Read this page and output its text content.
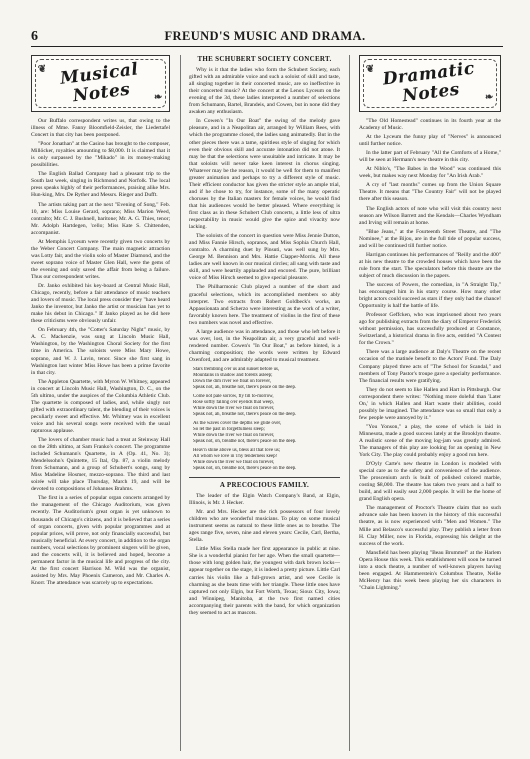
6	FREUND'S MUSIC AND DRAMA.
❦
❧
Musical Notes

Our Buffalo correspondent writes us, that owing to the illness of Mme. Fanny Bloomfield-Zeisler, the Liedertafel Concert in that city has been postponed.

"Poor Jonathan" at the Casino has brought to the composer, Millöcker, royalties amounting to $8,000. It is claimed that it is only surpassed by the "Mikado" in its money-making possibilities.

The English Ballad Company had a pleasant trip to the South last week, singing in Richmond and Norfolk. The local press speaks highly of their performances, praising alike Mrs. Hun-king, Mrs. De Ryther and Messrs. Rieger and Dufft.

The artists taking part at the next "Evening of Song," Feb. 10, are: Miss Louise Gerard, soprano; Miss Marion Weed, contralto; Mr. C. J. Bushnell, baritone; Mr. A. G. Thies, tenor; Mr. Adolph Hartdegen, 'cello; Miss Kate S. Chittenden, accompanist.

At Memphis Lyceum were recently given two concerts by the Weber Concert Company. The main magnetic attraction was Lotty fair, and the violin solo of Master Diamond, and the sweet soprano voice of Master Glen Hall, were the gems of the evening and only saved the affair from being a failure. Thus our correspondent writes.

Dr. Janko exhibited his key-board at Central Music Hall, Chicago, recently, before a fair attendance of music teachers and lovers of music. The local press consider they "have heard Janko the inventor, but Janko the artist or musician has yet to make his debut in Chicago." If Janko played as he did here these criticisms were obviously unfair.

On February 4th, the "Cotter's Saturday Night" music, by A. C. Mackenzie, was sung at Lincoln Music Hall, Washington, by the Washington Choral Society for the first time in America. The soloists were Miss Mary Howe, soprano, and W. J. Lavin, tenor. Since she first sang in Washington last winter Miss Howe has been a prime favorite in that city.

The Appleton Quartette, with Myron W. Whitney, appeared in concert at Lincoln Music Hall, Washington, D. C., on the 5th ultimo, under the auspices of the Columbia Athletic Club. The quartette is composed of ladies, and, while singly not gifted with extraordinary talent, the blending of their voices is peculiarly sweet and effective. Mr. Whitney was in excellent voice and his several songs were received with the usual rapturous applause.

The lovers of chamber music had a treat at Steinway Hall on the 28th ultimo, at Sam Franko's concert. The programme included Schumann's Quartette, in A (Op. 41, No. 3); Mendelssohn's Quintette, 15 Ital, Op. 87, a violin melody from Schumann, and a group of Schubert's songs, sung by Miss Madeline Hosmer, mezzo-soprano. The third and last soirée will take place Thursday, March 19, and will be devoted to compositions of Johannes Brahms.

The first in a series of popular organ concerts arranged by the management of the Chicago Auditorium, was given recently. The Auditorium's great organ is yet unknown to thousands of Chicago's citizens, and it is believed that a series of organ concerts, given with popular programmes and at popular prices, will prove, not only financially successful, but musically beneficial. At every concert, in addition to the organ numbers, vocal selections by prominent singers will be given, and the concerts will, it is believed and hoped, become a permanent factor in the musical life and progress of the city. At the first concert Harrison M. Wild was the organist, assisted by Mrs. May Phoenix Cameron, and Mr. Charles A. Knorr. The attendance was scarcely up to expectations.

THE SCHUBERT SOCIETY CONCERT.

Why is it that the ladies who form the Schubert Society, each gifted with an admirable voice and such a soloist of skill and taste, all singing together in their concerted music, are so ineffective in their concerted music? At the concert at the Lenox Lyceum on the evening of the 3d, these ladies interpreted a number of selections from Schumann, Bartel, Brandeis, and Cowen, but in none did they awaken any enthusiasm.

In Cowen's "In Our Boat" the swing of the melody gave pleasure, and in a Neapolitan air, arranged by William Rees, with which the programme closed, the ladies sang animatedly. But in the other pieces there was a tame, spiritless style of singing for which even their obvious skill and accurate intonation did not atone. It may be that the selections were unsuitable and intricate. It may be that soloists will never take keen interest in chorus singing. Whatever may be the reason, it would be well for them to manifest greater animation and perhaps to try a different style of music. Their efficient conductor has given the stricter style an ample trial, and if he chose to try, for instance, some of the many operatic choruses by the Italian masters for female voices, he would find that his audiences would be better pleased. Where everything is first class as in these Schubert Club concerts, a little less of ultra respectability in music would give the spice and vivacity now lacking.

The soloists of the concert in question were Miss Jennie Dutton, and Miss Fannie Hirsch, sopranos, and Miss Sophia Church Hall, contralto. A charming duet by Pinsuti, was well sung by Mrs. George M. Bennison and Mrs. Hattie Clapper-Morris. All these ladies are well known in our musical circles; all sang with taste and skill, and were heartily applauded and encored. The pure, brilliant voice of Miss Hirsch seemed to give special pleasure.

The Philharmonic Club played a number of the short and graceful selections, which its accomplished members so ably interpret. Two extracts from Robert Goldbeck's works, an Appassionata and Scherzo were interesting as the work of a writer, favorably known here. The treatment of violins in the first of these two numbers was novel and effective.

A large audience was in attendance, and those who left before it was over, lost, in the Neapolitan air, a very graceful and well-rendered number. Cowen's "In Our Boat," as before hinted, is a charming composition; the words were written by Edward Oxenford, and are admirably adapted to musical treatment.

Stars trembling o'er us and sunset before us,
Mountains in shadow and forests asleep;
Down the dim river we float on forever,
Speak not, ah, breathe not, there's peace on the deep.
Come not pale sorrow, fly till to-morrow,
Rose softly falling o'er eyelids that weep,
While down the river we float on forever,
Speak not, ah, breathe not, there's peace on the deep.
As the waves cover the depths we glide over,
So let the past in forgetfulness sleep;
While down the river we float on forever,
Speak not, oh, breathe not, there's peace on the deep.
Heav'n shine above us, bless all that love us;
All whom we love in Thy tenderness keep!
While down the river we float on forever,
Speak not, oh, breathe not, there's peace on the deep.
A PRECOCIOUS FAMILY.

The leader of the Elgin Watch Company's Band, at Elgin, Illinois, is Mr. J. Hecker.

Mr. and Mrs. Hecker are the rich possessors of four lovely children who are wonderful musicians. To play on some musical instrument seems as natural to these little ones as to breathe. The ages range five, seven, nine and eleven years: Cecile, Carl, Bertha, Stella.

Little Miss Stella made her first appearance in public at nine. She is a wonderful pianist for her age. When the small quartette—those with long golden hair, the youngest with dark brown locks—appear together on the stage, it is indeed a pretty picture. Little Carl carries his violin like a full-grown artist, and wee Cecile is charming as she beats time with her triangle. These little ones have captured not only Elgin, but Fort Worth, Texas; Sioux City, Iowa; and Winnipeg, Manitoba, at the two first named cities accompanying their parents with the band, for which organization they seemed to act as mascots.

❦
❧
Dramatic Notes

"The Old Homestead" continues in its fourth year at the Academy of Music.

At the Lyceum the funny play of "Nerves" is announced until further notice.

In the latter part of February "All the Comforts of a Home," will be seen at Hermann's new theatre in this city.

At Niblo's, "The Babes in the Wood" was continued this week, but makes way next Monday for "An Irish Arab."

A cry of "last months" comes up from the Union Square Theatre. It means that "The Country Fair" will not be played there after this season.

The English actors of note who will visit this country next season are Wilson Barrett and the Kendals—Charles Wyndham and Irving will remain at home.

"Blue Jeans," at the Fourteenth Street Theatre, and "The Nominee," at the Bijou, are in the full tide of popular success, and will be continued till further notice.

Harrigan continues his performances of "Reilly and the 400" at his new theatre to the crowded houses which have been the rule from the start. The speculators before this theatre are the subject of much discussion in the papers.

The success of Powers, the comedian, in "A Straight Tip," has encouraged him in his starry course. How many other bright actors could succeed as stars if they only had the chance! Opportunity is half the battle of life.

Professor Geffcken, who was imprisoned about two years ago for publishing extracts from the diary of Emperor Frederick without permission, has successfully produced at Constance, Switzerland, a historical drama in five acts, entitled "A Contest for the Crown."

There was a large audience at Daly's Theatre on the recent occasion of the matinée benefit to the Actors' Fund. The Daly Company played three acts of "The School for Scandal," and members of Tony Pastor's troupe gave a specialty performance. The financial results were gratifying.

They do not seem to like Hallen and Hart in Pittsburgh. Our correspondent there writes: "Nothing more doleful than 'Later On,' in which Hallen and Hart waste their abilities, could possibly be imagined. The attendance was so small that only a few people were annoyed by it."

"You Yonson," a play, the scene of which is laid in Minnesota, made a good success lately at the Brooklyn theatre. A realistic scene of the moving log-jam was greatly admired. The managers of this play are looking for an opening in New York City. The play could probably enjoy a good run here.

D'Oyly Carte's new theatre in London is modeled with special care as to the safety and convenience of the audience. The proscenium arch is built of polished colored marble, costing $8,000. The theatre has taken two years and a half to build, and will easily seat 2,000 people. It will be the home of grand English opera.

The management of Proctor's Theatre claim that no such advance sale has been known in the history of this successful theatre, as is now experienced with "Men and Women." The Mille and Belasco's successful play. They publish a letter from H. Clay Miller, now in Florida, expressing his delight at the success of the work.

Mansfield has been playing "Beau Brummel" at the Harlem Opera House this week. This establishment will soon be turned into a stock theatre, a number of well-known players having been engaged. At Hammerstein's Columbus Theatre, Nellie McHenry has this week been playing her six characters in "Chain Lightning."
